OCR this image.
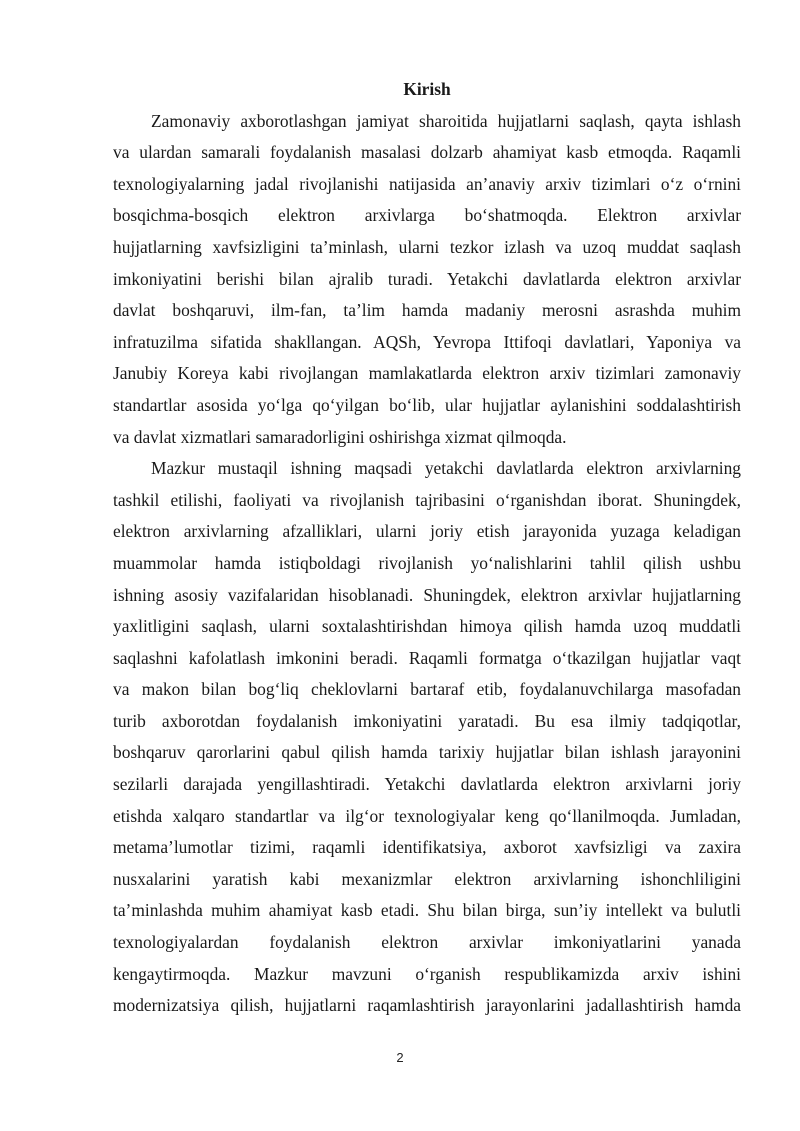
Kirish

Zamonaviy axborotlashgan jamiyat sharoitida hujjatlarni saqlash, qayta ishlash
va ulardan samarali foydalanish masalasi dolzarb ahamiyat kasb etmoqda. Raqamli
texnologiyalarning jadal rivojlanishi natijasida an’anaviy arxiv tizimlari o‘z o‘rnini
bosqichma-bosqich elektron arxivlarga bo‘shatmoqda. Elektron arxivlar
hujjatlarning xavfsizligini ta’minlash, ularni tezkor izlash va uzoq muddat saqlash
imkoniyatini berishi bilan ajralib turadi. Yetakchi davlatlarda elektron arxivlar
davlat boshqaruvi, ilm-fan, ta’lim hamda madaniy merosni asrashda muhim
infratuzilma sifatida shakllangan. AQSh, Yevropa Ittifoqi davlatlari, Yaponiya va
Janubiy Koreya kabi rivojlangan mamlakatlarda elektron arxiv tizimlari zamonaviy
standartlar asosida yo‘lga qo‘yilgan bo‘lib, ular hujjatlar aylanishini soddalashtirish
va davlat xizmatlari samaradorligini oshirishga xizmat qilmoqda.
Mazkur mustaqil ishning maqsadi yetakchi davlatlarda elektron arxivlarning
tashkil etilishi, faoliyati va rivojlanish tajribasini o‘rganishdan iborat. Shuningdek,
elektron arxivlarning afzalliklari, ularni joriy etish jarayonida yuzaga keladigan
muammolar hamda istiqboldagi rivojlanish yo‘nalishlarini tahlil qilish ushbu
ishning asosiy vazifalaridan hisoblanadi. Shuningdek, elektron arxivlar hujjatlarning
yaxlitligini saqlash, ularni soxtalashtirishdan himoya qilish hamda uzoq muddatli
saqlashni kafolatlash imkonini beradi. Raqamli formatga o‘tkazilgan hujjatlar vaqt
va makon bilan bog‘liq cheklovlarni bartaraf etib, foydalanuvchilarga masofadan
turib axborotdan foydalanish imkoniyatini yaratadi. Bu esa ilmiy tadqiqotlar,
boshqaruv qarorlarini qabul qilish hamda tarixiy hujjatlar bilan ishlash jarayonini
sezilarli darajada yengillashtiradi. Yetakchi davlatlarda elektron arxivlarni joriy
etishda xalqaro standartlar va ilg‘or texnologiyalar keng qo‘llanilmoqda. Jumladan,
metama’lumotlar tizimi, raqamli identifikatsiya, axborot xavfsizligi va zaxira
nusxalarini yaratish kabi mexanizmlar elektron arxivlarning ishonchliligini
ta’minlashda muhim ahamiyat kasb etadi. Shu bilan birga, sun’iy intellekt va bulutli
texnologiyalardan foydalanish elektron arxivlar imkoniyatlarini yanada
kengaytirmoqda. Mazkur mavzuni o‘rganish respublikamizda arxiv ishini
modernizatsiya qilish, hujjatlarni raqamlashtirish jarayonlarini jadallashtirish hamda
2
